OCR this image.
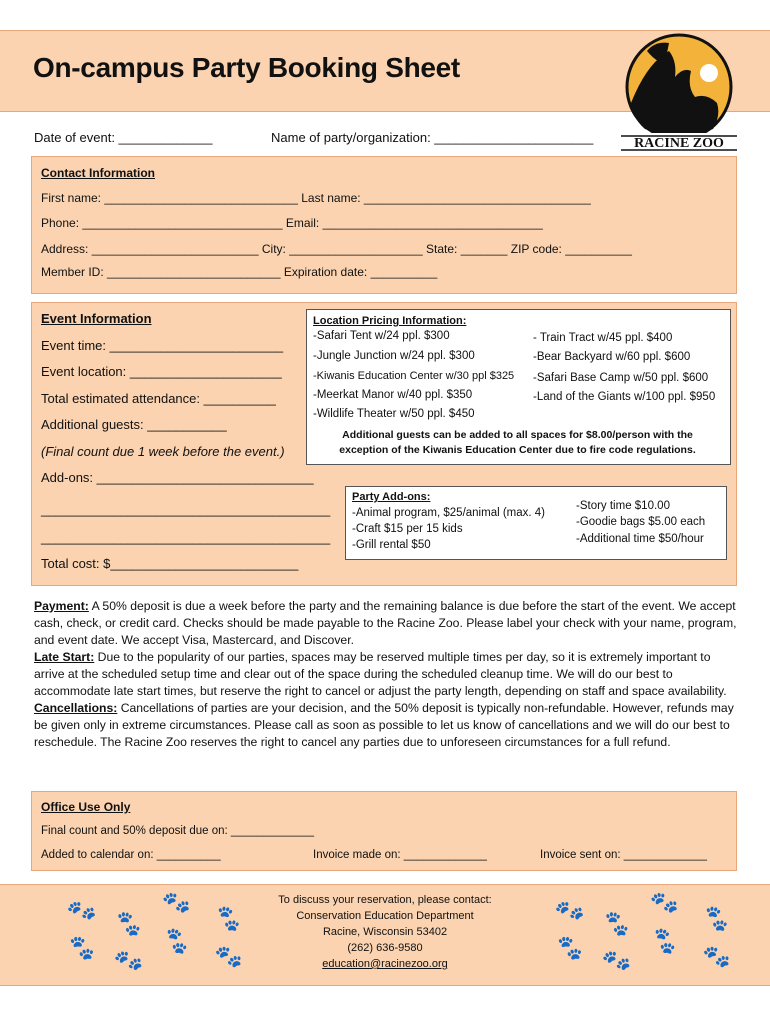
On-campus Party Booking Sheet
RACINE ZOO
Date of event: _____________	Name of party/organization: ______________________
Contact Information
First name: _____________________________ Last name: __________________________________
Phone: ______________________________ Email: _________________________________
Address: _________________________ City: ____________________ State: _______ ZIP code: __________
Member ID: __________________________ Expiration date: __________
Event Information
Event time: ________________________
Event location: _____________________
Total estimated attendance: __________
Additional guests: ___________
(Final count due 1 week before the event.)
Add-ons: ______________________________
________________________________________
________________________________________
Total cost: $__________________________
Location Pricing Information:
-Safari Tent w/24 ppl. $300
-Jungle Junction w/24 ppl. $300
-Kiwanis Education Center w/30 ppl $325
-Meerkat Manor w/40 ppl. $350
-Wildlife Theater w/50 ppl. $450
- Train Tract w/45 ppl. $400
-Bear Backyard w/60 ppl. $600
-Safari Base Camp w/50 ppl. $600
-Land of the Giants w/100 ppl. $950
Additional guests can be added to all spaces for $8.00/person with the
exception of the Kiwanis Education Center due to fire code regulations.
Party Add-ons:
-Animal program, $25/animal (max. 4)
-Craft $15 per 15 kids
-Grill rental $50
-Story time $10.00
-Goodie bags $5.00 each
-Additional time $50/hour
Payment: A 50% deposit is due a week before the party and the remaining balance is due before the start of the event. We accept cash, check, or credit card. Checks should be made payable to the Racine Zoo. Please label your check with your name, program, and event date. We accept Visa, Mastercard, and Discover.
Late Start: Due to the popularity of our parties, spaces may be reserved multiple times per day, so it is extremely important to arrive at the scheduled setup time and clear out of the space during the scheduled cleanup time. We will do our best to accommodate late start times, but reserve the right to cancel or adjust the party length, depending on staff and space availability.
Cancellations: Cancellations of parties are your decision, and the 50% deposit is typically non-refundable. However, refunds may be given only in extreme circumstances. Please call as soon as possible to let us know of cancellations and we will do our best to reschedule. The Racine Zoo reserves the right to cancel any parties due to unforeseen circumstances for a full refund.
Office Use Only
Final count and 50% deposit due on: _____________
Added to calendar on: __________	Invoice made on: _____________	Invoice sent on: _____________
🐾 🐾
🐾 🐾
🐾 🐾
🐾 🐾
🐾 🐾
🐾 🐾
🐾 🐾
🐾 🐾
To discuss your reservation, please contact:
Conservation Education Department
Racine, Wisconsin 53402
(262) 636-9580
education@racinezoo.org
